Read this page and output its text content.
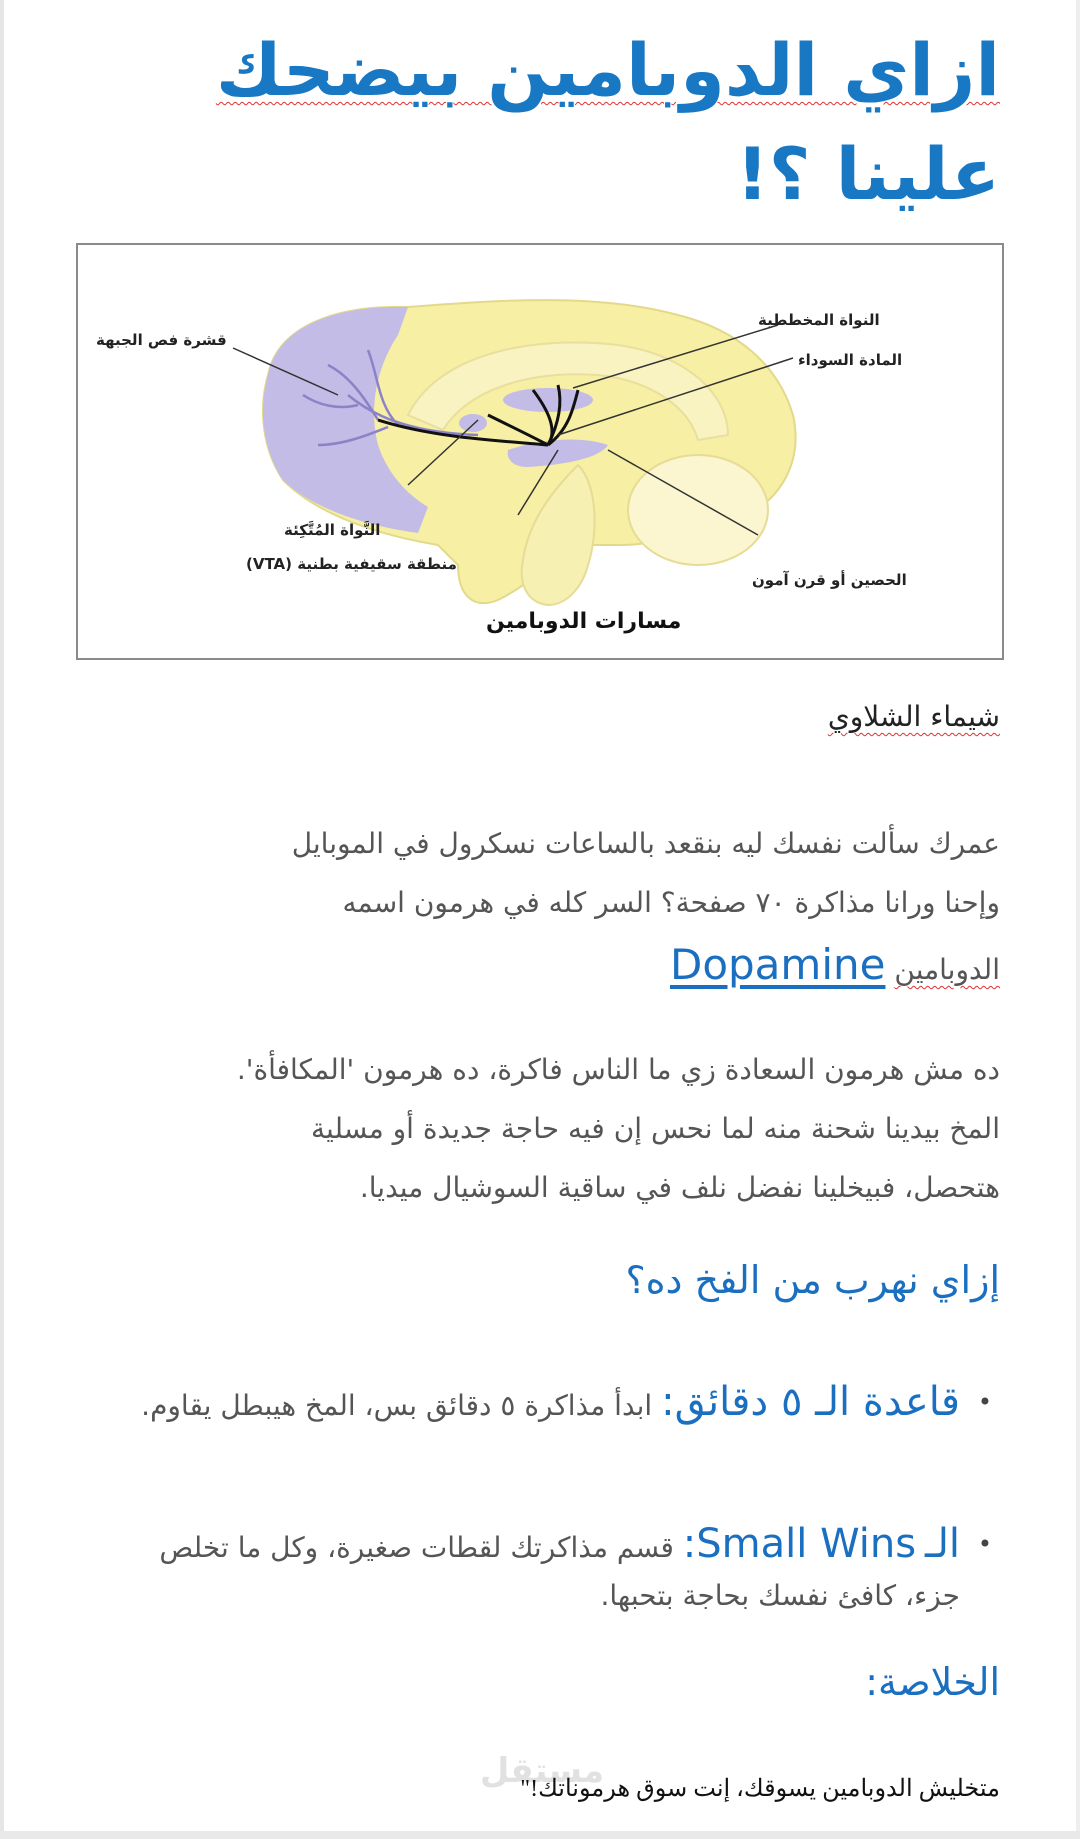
ازاي الدوبامين بيضحك
علينا ؟!
النواة المخططية
المادة السوداء
قشرة فص الجبهة
النَّواة المُتَّكِئة
منطقة سقيفية بطنية (VTA)
الحصين أو قرن آمون
مسارات الدوبامين
شيماء الشلاوي
عمرك سألت نفسك ليه بنقعد بالساعات نسكرول في الموبايل
وإحنا ورانا مذاكرة ٧٠ صفحة؟ السر كله في هرمون اسمه
الدوبامين Dopamine
ده مش هرمون السعادة زي ما الناس فاكرة، ده هرمون 'المكافأة'.
المخ بيدينا شحنة منه لما نحس إن فيه حاجة جديدة أو مسلية
هتحصل، فبيخلينا نفضل نلف في ساقية السوشيال ميديا.
إزاي نهرب من الفخ ده؟
•
قاعدة الـ ٥ دقائق: ابدأ مذاكرة ٥ دقائق بس، المخ هيبطل يقاوم.
•
الـ Small Wins: قسم مذاكرتك لقطات صغيرة، وكل ما تخلص جزء، كافئ نفسك بحاجة بتحبها.
الخلاصة:
مستقل
متخليش الدوبامين يسوقك، إنت سوق هرموناتك!"
